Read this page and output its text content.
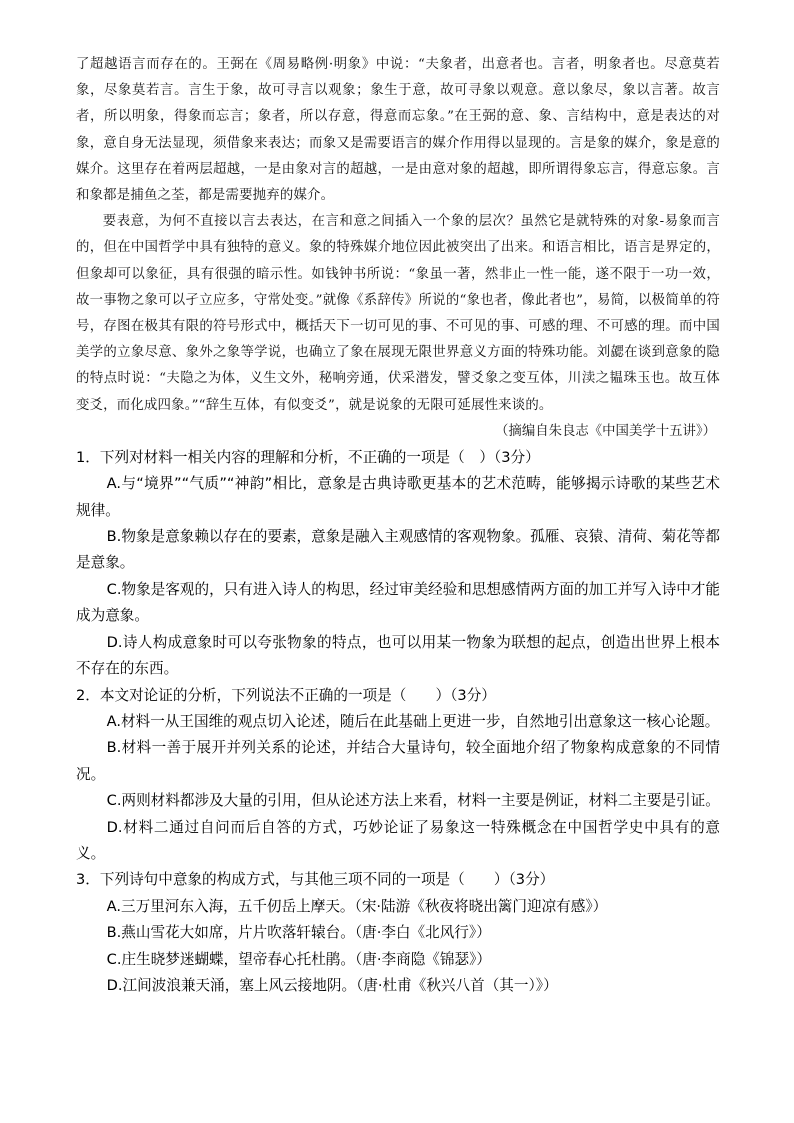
了超越语言而存在的。王弼在《周易略例·明象》中说：“夫象者，出意者也。言者，明象者也。尽意莫若象，尽象莫若言。言生于象，故可寻言以观象；象生于意，故可寻象以观意。意以象尽，象以言著。故言者，所以明象，得象而忘言；象者，所以存意，得意而忘象。”在王弼的意、象、言结构中，意是表达的对象，意自身无法显现，须借象来表达；而象又是需要语言的媒介作用得以显现的。言是象的媒介，象是意的媒介。这里存在着两层超越，一是由象对言的超越，一是由意对象的超越，即所谓得象忘言，得意忘象。言和象都是捕鱼之荃，都是需要抛弃的媒介。

要表意，为何不直接以言去表达，在言和意之间插入一个象的层次？虽然它是就特殊的对象-易象而言的，但在中国哲学中具有独特的意义。象的特殊媒介地位因此被突出了出来。和语言相比，语言是界定的，但象却可以象征，具有很强的暗示性。如钱钟书所说：“象虽一著，然非止一性一能，遂不限于一功一效，故一事物之象可以孑立应多，守常处变。”就像《系辞传》所说的“象也者，像此者也”，易简，以极简单的符号，存图在极其有限的符号形式中，概括天下一切可见的事、不可见的事、可感的理、不可感的理。而中国美学的立象尽意、象外之象等学说，也确立了象在展现无限世界意义方面的特殊功能。刘勰在谈到意象的隐的特点时说：“夫隐之为体，义生文外，秘响旁通，伏采潜发，譬爻象之变互体，川渎之韫珠玉也。故互体变爻，而化成四象。”“辞生互体，有似变爻”，就是说象的无限可延展性来谈的。

（摘编自朱良志《中国美学十五讲》）

1．下列对材料一相关内容的理解和分析，不正确的一项是（　）（3分）

A.与“境界”“气质”“神韵”相比，意象是古典诗歌更基本的艺术范畴，能够揭示诗歌的某些艺术规律。

B.物象是意象赖以存在的要素，意象是融入主观感情的客观物象。孤雁、哀猿、清荷、菊花等都是意象。

C.物象是客观的，只有进入诗人的构思，经过审美经验和思想感情两方面的加工并写入诗中才能成为意象。

D.诗人构成意象时可以夸张物象的特点，也可以用某一物象为联想的起点，创造出世界上根本不存在的东西。

2．本文对论证的分析，下列说法不正确的一项是（　　）（3分）

A.材料一从王国维的观点切入论述，随后在此基础上更进一步，自然地引出意象这一核心论题。

B.材料一善于展开并列关系的论述，并结合大量诗句，较全面地介绍了物象构成意象的不同情况。

C.两则材料都涉及大量的引用，但从论述方法上来看，材料一主要是例证，材料二主要是引证。

D.材料二通过自问而后自答的方式，巧妙论证了易象这一特殊概念在中国哲学史中具有的意义。

3．下列诗句中意象的构成方式，与其他三项不同的一项是（　　）（3分）

A.三万里河东入海，五千仞岳上摩天。（宋·陆游《秋夜将晓出篱门迎凉有感》）

B.燕山雪花大如席，片片吹落轩辕台。（唐·李白《北风行》）

C.庄生晓梦迷蝴蝶，望帝春心托杜鹃。（唐·李商隐《锦瑟》）

D.江间波浪兼天涌，塞上风云接地阴。（唐·杜甫《秋兴八首（其一）》）
